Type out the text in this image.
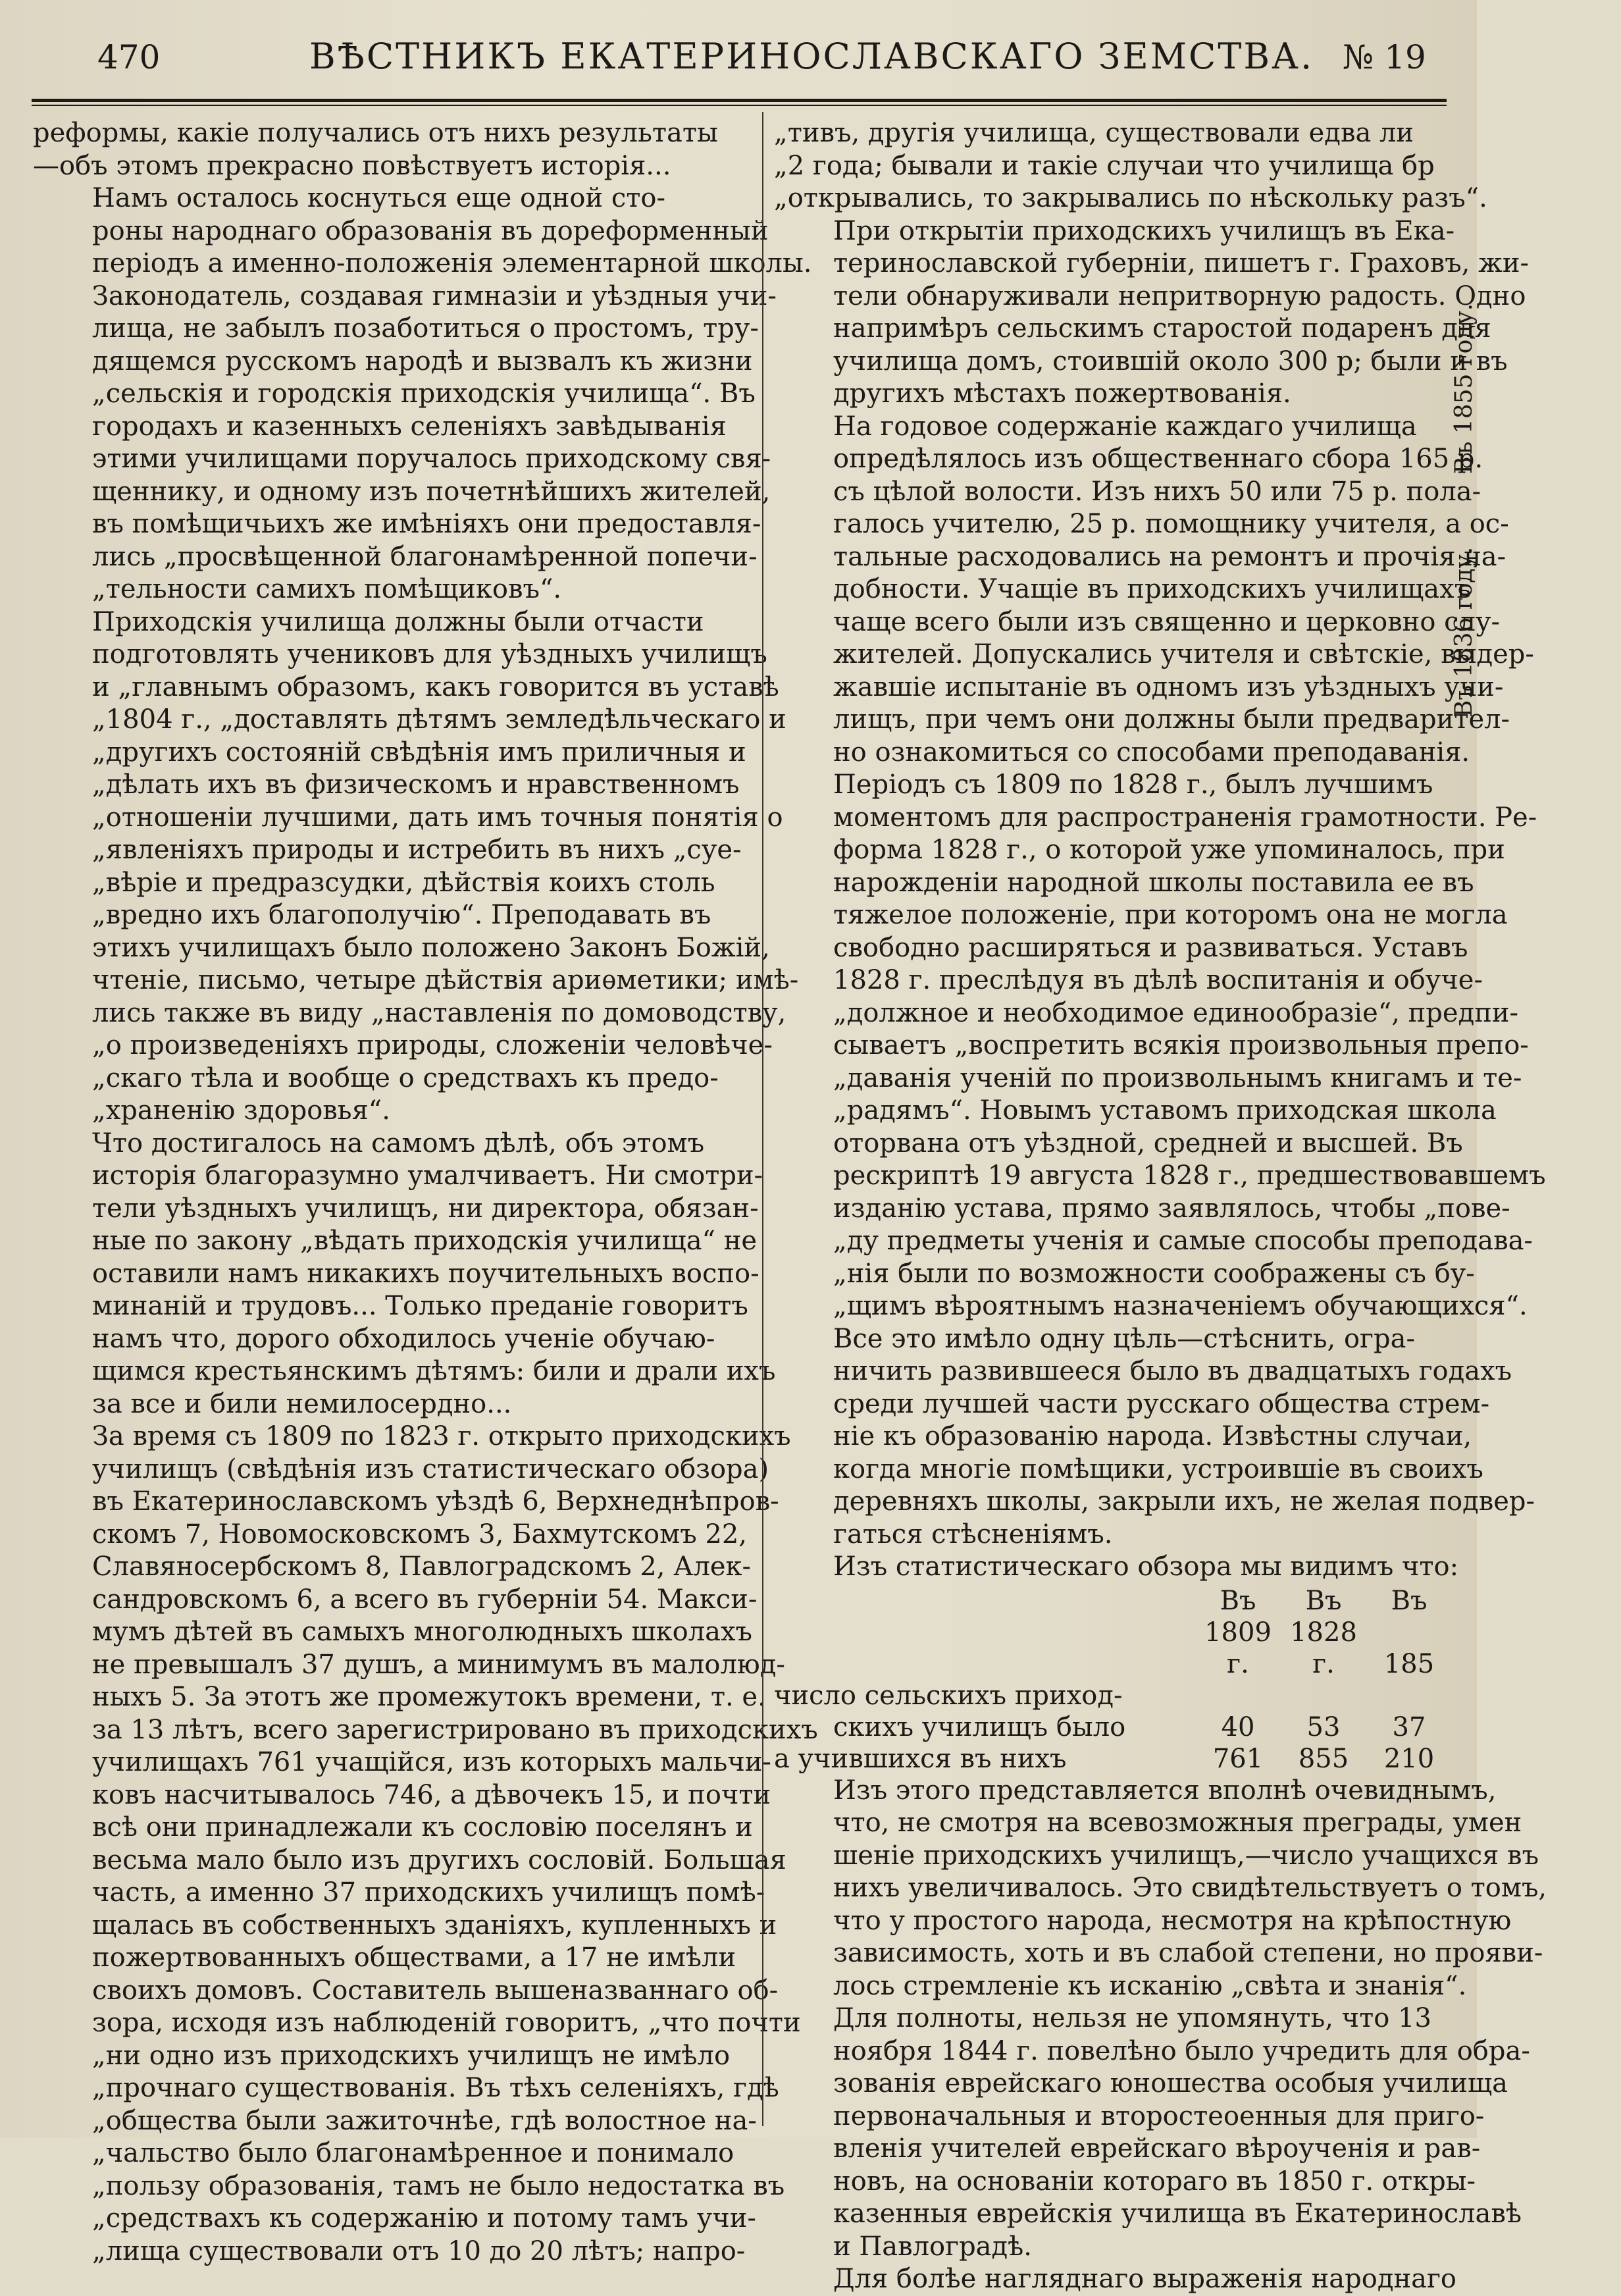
470	ВѢСТНИКЪ ЕКАТЕРИНОСЛАВСКАГО ЗЕМСТВА. № 19

реформы, какіе получались отъ нихъ результаты
—объ этомъ прекрасно повѣствуетъ исторія...

Намъ осталось коснуться еще одной сто-
роны народнаго образованія въ дореформенный
періодъ а именно-положенія элементарной школы.
Законодатель, создавая гимназіи и уѣздныя учи-
лища, не забылъ позаботиться о простомъ, тру-
дящемся русскомъ народѣ и вызвалъ къ жизни
„сельскія и городскія приходскія училища“. Въ
городахъ и казенныхъ селеніяхъ завѣдыванія
этими училищами поручалось приходскому свя-
щеннику, и одному изъ почетнѣйшихъ жителей,
въ помѣщичьихъ же имѣніяхъ они предоставля-
лись „просвѣщенной благонамѣренной попечи-
„тельности самихъ помѣщиковъ“.

Приходскія училища должны были отчасти
подготовлять учениковъ для уѣздныхъ училищъ
и „главнымъ образомъ, какъ говорится въ уставѣ
„1804 г., „доставлять дѣтямъ земледѣльческаго и
„другихъ состояній свѣдѣнія имъ приличныя и
„дѣлать ихъ въ физическомъ и нравственномъ
„отношеніи лучшими, дать имъ точныя понятія о
„явленіяхъ природы и истребить въ нихъ „суе-
„вѣріе и предразсудки, дѣйствія коихъ столь
„вредно ихъ благополучію“. Преподавать въ
этихъ училищахъ было положено Законъ Божій,
чтеніе, письмо, четыре дѣйствія ариѳметики; имѣ-
лись также въ виду „наставленія по домоводству,
„о произведеніяхъ природы, сложеніи человѣче-
„скаго тѣла и вообще о средствахъ къ предо-
„храненію здоровья“.

Что достигалось на самомъ дѣлѣ, объ этомъ
исторія благоразумно умалчиваетъ. Ни смотри-
тели уѣздныхъ училищъ, ни директора, обязан-
ные по закону „вѣдать приходскія училища“ не
оставили намъ никакихъ поучительныхъ воспо-
минаній и трудовъ... Только преданіе говоритъ
намъ что, дорого обходилось ученіе обучаю-
щимся крестьянскимъ дѣтямъ: били и драли ихъ
за все и били немилосердно...

За время съ 1809 по 1823 г. открыто приходскихъ
училищъ (свѣдѣнія изъ статистическаго обзора)
въ Екатеринославскомъ уѣздѣ 6, Верхнеднѣпров-
скомъ 7, Новомосковскомъ 3, Бахмутскомъ 22,
Славяносербскомъ 8, Павлоградскомъ 2, Алек-
сандровскомъ 6, а всего въ губерніи 54. Макси-
мумъ дѣтей въ самыхъ многолюдныхъ школахъ
не превышалъ 37 душъ, а минимумъ въ малолюд-
ныхъ 5. За этотъ же промежутокъ времени, т. е.
за 13 лѣтъ, всего зарегистрировано въ приходскихъ
училищахъ 761 учащійся, изъ которыхъ мальчи-
ковъ насчитывалось 746, а дѣвочекъ 15, и почти
всѣ они принадлежали къ сословію поселянъ и
весьма мало было изъ другихъ сословій. Большая
часть, а именно 37 приходскихъ училищъ помѣ-
щалась въ собственныхъ зданіяхъ, купленныхъ и
пожертвованныхъ обществами, а 17 не имѣли
своихъ домовъ. Составитель вышеназваннаго об-
зора, исходя изъ наблюденій говоритъ, „что почти
„ни одно изъ приходскихъ училищъ не имѣло
„прочнаго существованія. Въ тѣхъ селеніяхъ, гдѣ
„общества были зажиточнѣе, гдѣ волостное на-
„чальство было благонамѣренное и понимало
„пользу образованія, тамъ не было недостатка въ
„средствахъ къ содержанію и потому тамъ учи-
„лища существовали отъ 10 до 20 лѣтъ; напро-

„тивъ, другія училища, существовали едва ли
„2 года; бывали и такіе случаи что училища бр
„открывались, то закрывались по нѣскольку разъ“.

При открытіи приходскихъ училищъ въ Ека-
теринославской губерніи, пишетъ г. Граховъ, жи-
тели обнаруживали непритворную радость. Одно
напримѣръ сельскимъ старостой подаренъ для
училища домъ, стоившій около 300 р; были и въ
другихъ мѣстахъ пожертвованія.

На годовое содержаніе каждаго училища
опредѣлялось изъ общественнаго сбора 165 р.
съ цѣлой волости. Изъ нихъ 50 или 75 р. пола-
галось учителю, 25 р. помощнику учителя, а ос-
тальные расходовались на ремонтъ и прочія на-
добности. Учащіе въ приходскихъ училищахъ
чаще всего были изъ священно и церковно слу-
жителей. Допускались учителя и свѣтскіе, выдер-
жавшіе испытаніе въ одномъ изъ уѣздныхъ учи-
лищъ, при чемъ они должны были предварител-
но ознакомиться со способами преподаванія.

Періодъ съ 1809 по 1828 г., былъ лучшимъ
моментомъ для распространенія грамотности. Ре-
форма 1828 г., о которой уже упоминалось, при
нарожденіи народной школы поставила ее въ
тяжелое положеніе, при которомъ она не могла
свободно расширяться и развиваться. Уставъ
1828 г. преслѣдуя въ дѣлѣ воспитанія и обуче-
„должное и необходимое единообразіе“, предпи-
сываетъ „воспретить всякія произвольныя препо-
„даванія ученій по произвольнымъ книгамъ и те-
„радямъ“. Новымъ уставомъ приходская школа
оторвана отъ уѣздной, средней и высшей. Въ
рескриптѣ 19 августа 1828 г., предшествовавшемъ
изданію устава, прямо заявлялось, чтобы „пове-
„ду предметы ученія и самые способы преподава-
„нія были по возможности соображены съ бу-
„щимъ вѣроятнымъ назначеніемъ обучающихся“.

Все это имѣло одну цѣль—стѣснить, огра-
ничить развившееся было въ двадцатыхъ годахъ
среди лучшей части русскаго общества стрем-
ніе къ образованію народа. Извѣстны случаи,
когда многіе помѣщики, устроившіе въ своихъ
деревняхъ школы, закрыли ихъ, не желая подвер-
гаться стѣсненіямъ.

Изъ статистическаго обзора мы видимъ что:

	Въ	Въ	Въ
	1809 г.	1828 г.	185
число сельскихъ приход-			
скихъ училищъ было	40	53	37
а учившихся въ нихъ	761	855	210

Изъ этого представляется вполнѣ очевиднымъ,
что, не смотря на всевозможныя преграды, умен
шеніе приходскихъ училищъ,—число учащихся въ
нихъ увеличивалось. Это свидѣтельствуетъ о томъ,
что у простого народа, несмотря на крѣпостную
зависимость, хоть и въ слабой степени, но прояви-
лось стремленіе къ исканію „свѣта и знанія“.

Для полноты, нельзя не упомянуть, что 13
ноября 1844 г. повелѣно было учредить для обра-
зованія еврейскаго юношества особыя училища
первоначальныя и второстеоенныя для приго-
вленія учителей еврейскаго вѣроученія и рав-
новъ, на основаніи котораго въ 1850 г. откры-
казенныя еврейскія училища въ Екатеринославѣ
и Павлоградѣ.

Для болѣе нагляднаго выраженія народнаго

Въ 1855 году.
Въ 1836 году.
